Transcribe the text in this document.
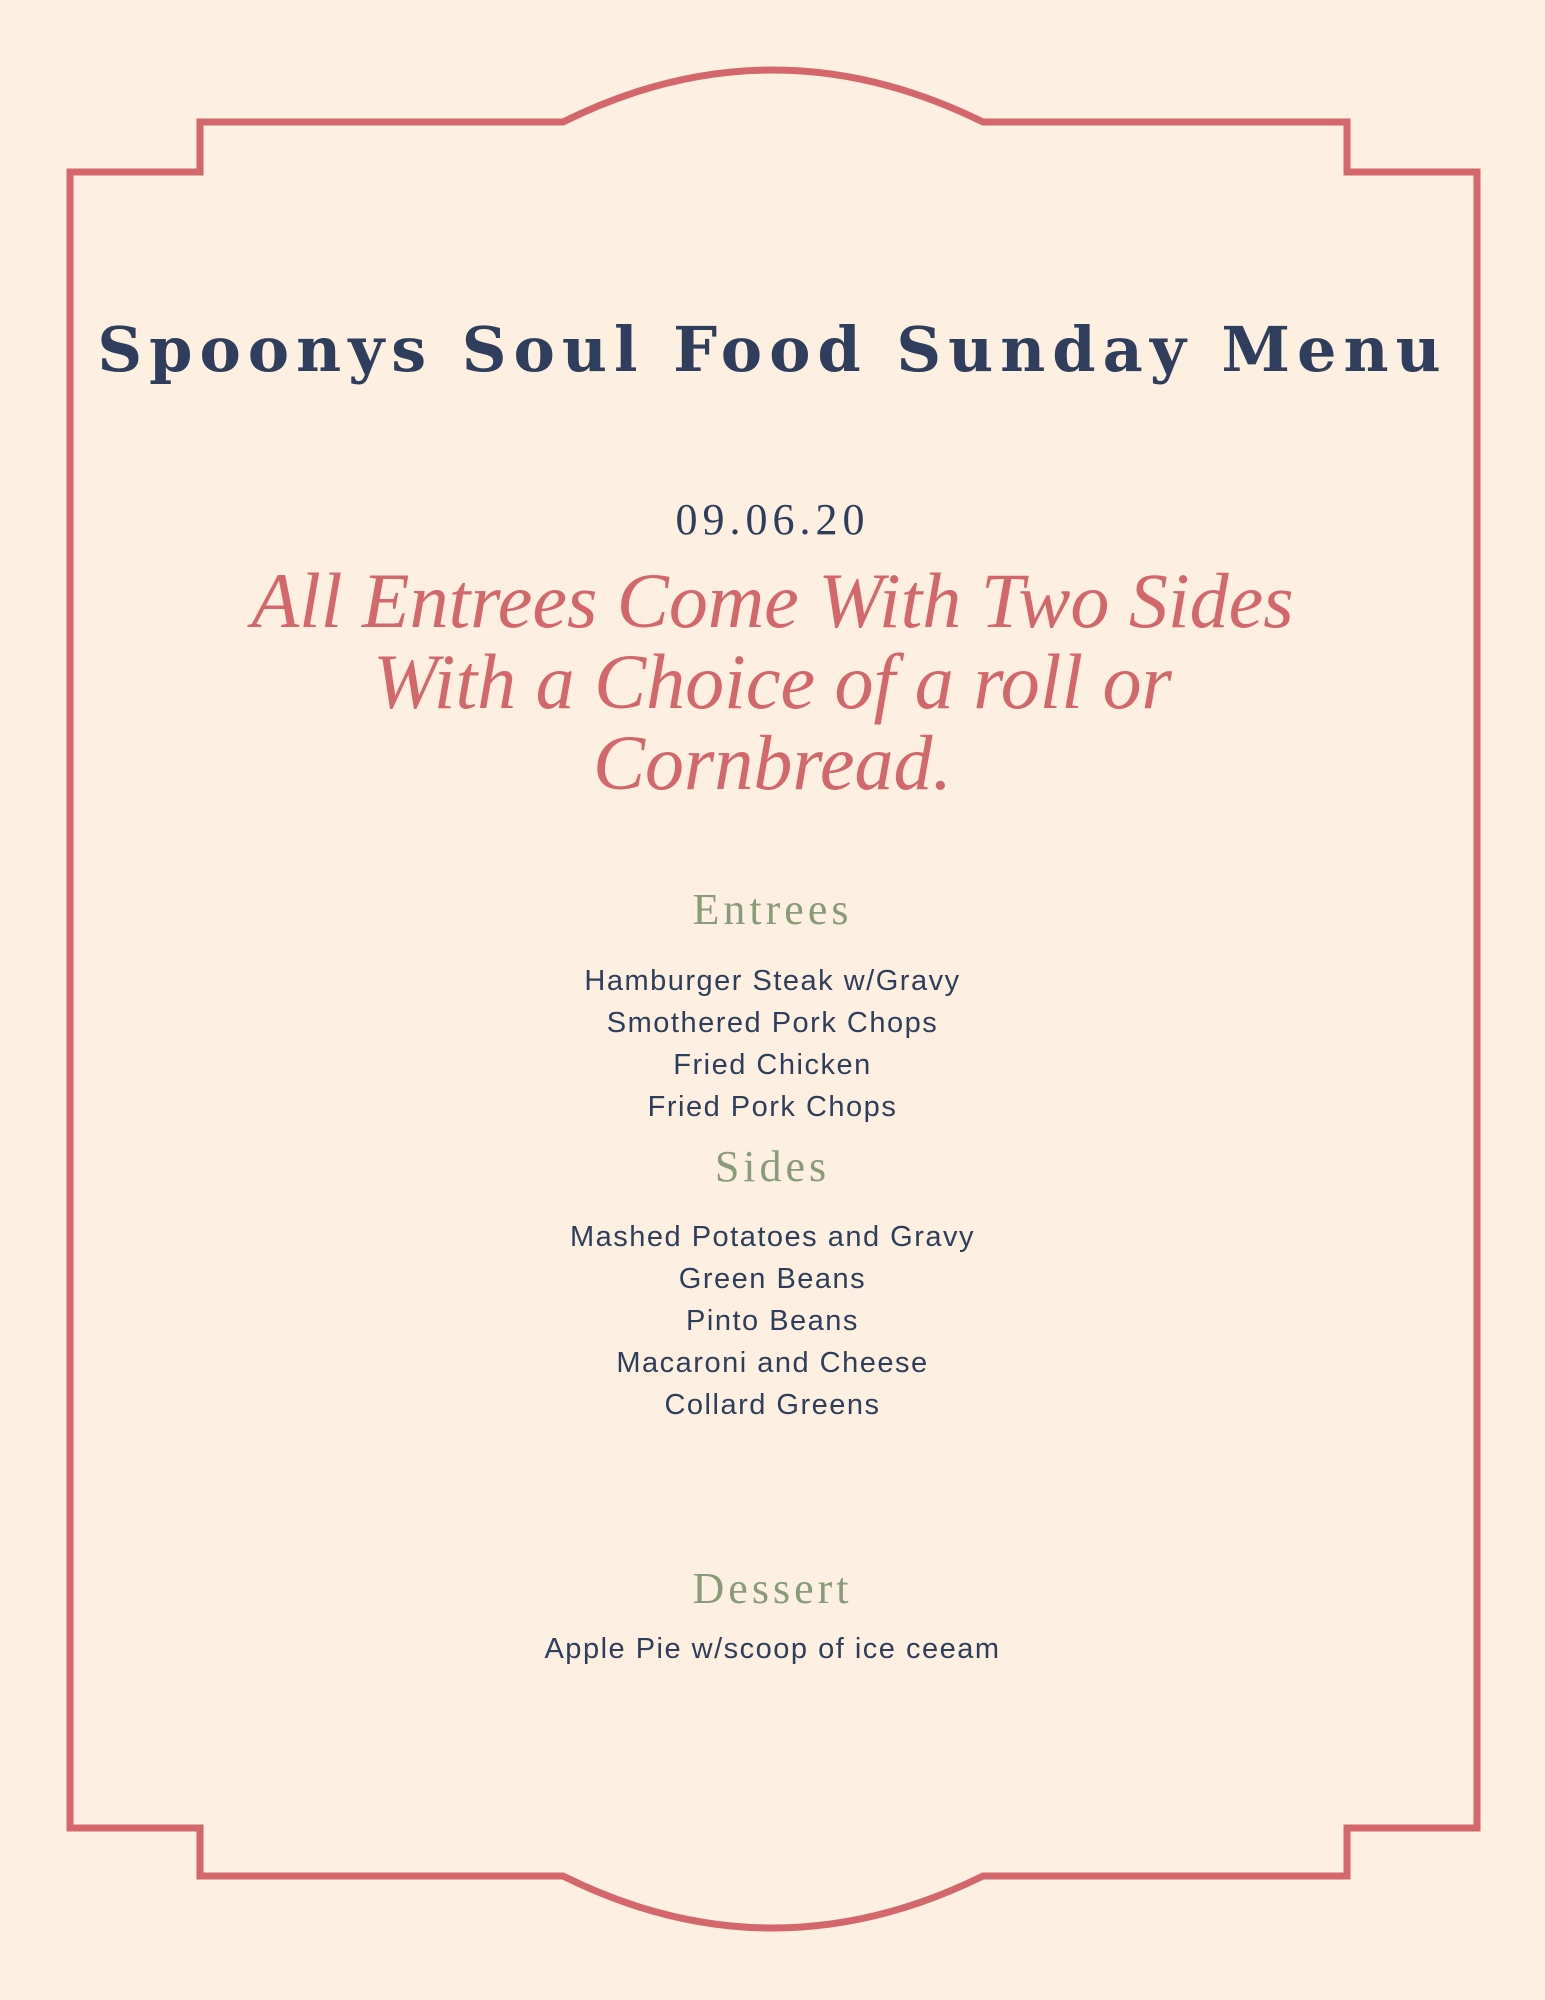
Spoonys Soul Food Sunday Menu
09.06.20
All Entrees Come With Two Sides With a Choice of a roll or Cornbread.
Entrees
Hamburger Steak w/Gravy
Smothered Pork Chops
Fried Chicken
Fried Pork Chops
Sides
Mashed Potatoes and Gravy
Green Beans
Pinto Beans
Macaroni and Cheese
Collard Greens
Dessert
Apple Pie w/scoop of ice ceeam
